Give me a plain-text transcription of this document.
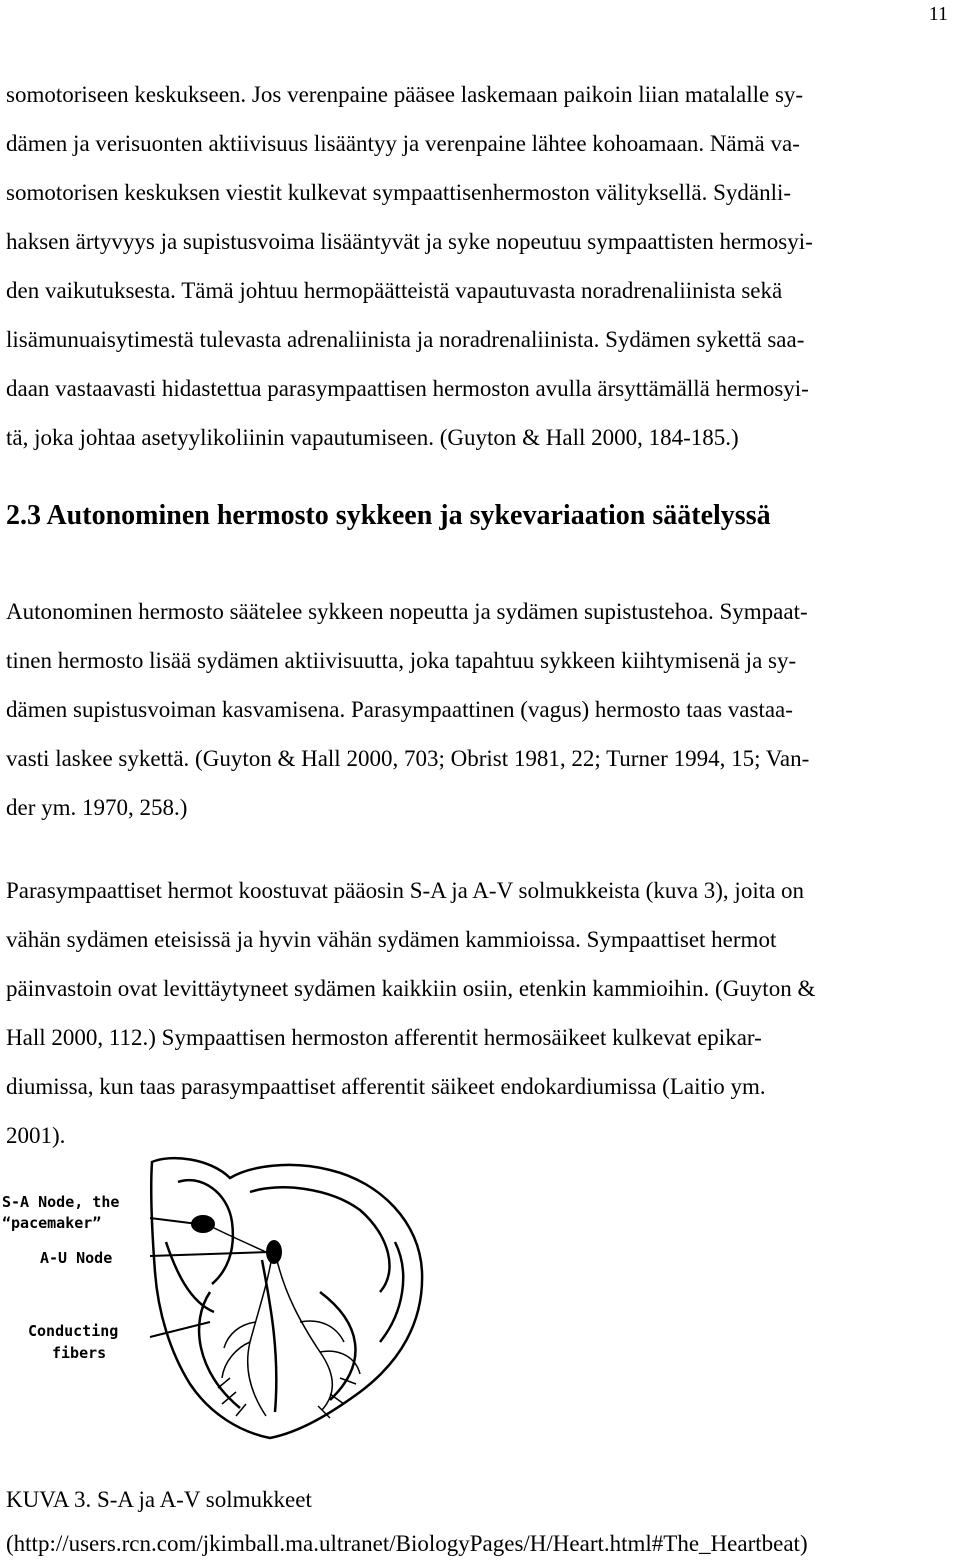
11
somotoriseen keskukseen. Jos verenpaine pääsee laskemaan paikoin liian matalalle sy-
dämen ja verisuonten aktiivisuus lisääntyy ja verenpaine lähtee kohoamaan. Nämä va-
somotorisen keskuksen viestit kulkevat sympaattisenhermoston välityksellä. Sydänli-
haksen ärtyvyys ja supistusvoima lisääntyvät ja syke nopeutuu sympaattisten hermosyi-
den vaikutuksesta. Tämä johtuu hermopäätteistä vapautuvasta noradrenaliinista sekä
lisämunuaisytimestä tulevasta adrenaliinista ja noradrenaliinista. Sydämen sykettä saa-
daan vastaavasti hidastettua parasympaattisen hermoston avulla ärsyttämällä hermosyi-
tä, joka johtaa asetyylikoliinin vapautumiseen. (Guyton & Hall 2000, 184-185.)
2.3 Autonominen hermosto sykkeen ja sykevariaation säätelyssä
Autonominen hermosto säätelee sykkeen nopeutta ja sydämen supistustehoa. Sympaat-
tinen hermosto lisää sydämen aktiivisuutta, joka tapahtuu sykkeen kiihtymisenä ja sy-
dämen supistusvoiman kasvamisena. Parasympaattinen (vagus) hermosto taas vastaa-
vasti laskee sykettä. (Guyton & Hall 2000, 703; Obrist 1981, 22; Turner 1994, 15; Van-
der ym. 1970, 258.)
Parasympaattiset hermot koostuvat pääosin S-A ja A-V solmukkeista (kuva 3), joita on
vähän sydämen eteisissä ja hyvin vähän sydämen kammioissa. Sympaattiset hermot
päinvastoin ovat levittäytyneet sydämen kaikkiin osiin, etenkin kammioihin. (Guyton &
Hall 2000, 112.) Sympaattisen hermoston afferentit hermosäikeet kulkevat epikar-
diumissa, kun taas parasympaattiset afferentit säikeet endokardiumissa (Laitio ym.
2001).
S-A Node, the
“pacemaker”
A-U Node
Conducting
fibers
KUVA 3. S-A ja A-V solmukkeet
(http://users.rcn.com/jkimball.ma.ultranet/BiologyPages/H/Heart.html#The_Heartbeat)
